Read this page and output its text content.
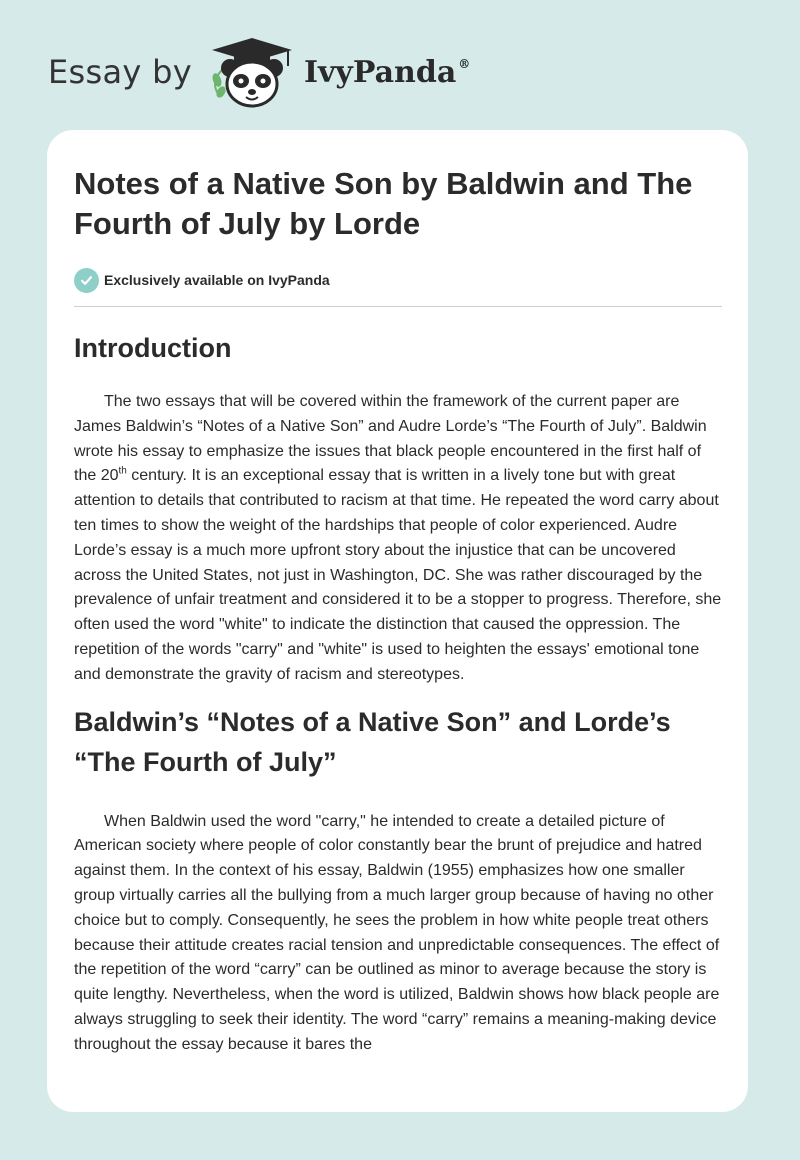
Essay by	IvyPanda ®
Notes of a Native Son by Baldwin and The Fourth of July by Lorde
Exclusively available on IvyPanda
Introduction

The two essays that will be covered within the framework of the current paper are James Baldwin’s “Notes of a Native Son” and Audre Lorde’s “The Fourth of July”. Baldwin wrote his essay to emphasize the issues that black people encountered in the first half of the 20th century. It is an exceptional essay that is written in a lively tone but with great attention to details that contributed to racism at that time. He repeated the word carry about ten times to show the weight of the hardships that people of color experienced. Audre Lorde’s essay is a much more upfront story about the injustice that can be uncovered across the United States, not just in Washington, DC. She was rather discouraged by the prevalence of unfair treatment and considered it to be a stopper to progress. Therefore, she often used the word "white" to indicate the distinction that caused the oppression. The repetition of the words "carry" and "white" is used to heighten the essays' emotional tone and demonstrate the gravity of racism and stereotypes.

Baldwin’s “Notes of a Native Son” and Lorde’s “The Fourth of July”

When Baldwin used the word "carry," he intended to create a detailed picture of American society where people of color constantly bear the brunt of prejudice and hatred against them. In the context of his essay, Baldwin (1955) emphasizes how one smaller group virtually carries all the bullying from a much larger group because of having no other choice but to comply. Consequently, he sees the problem in how white people treat others because their attitude creates racial tension and unpredictable consequences. The effect of the repetition of the word “carry” can be outlined as minor to average because the story is quite lengthy. Nevertheless, when the word is utilized, Baldwin shows how black people are always struggling to seek their identity. The word “carry” remains a meaning-making device throughout the essay because it bares the
